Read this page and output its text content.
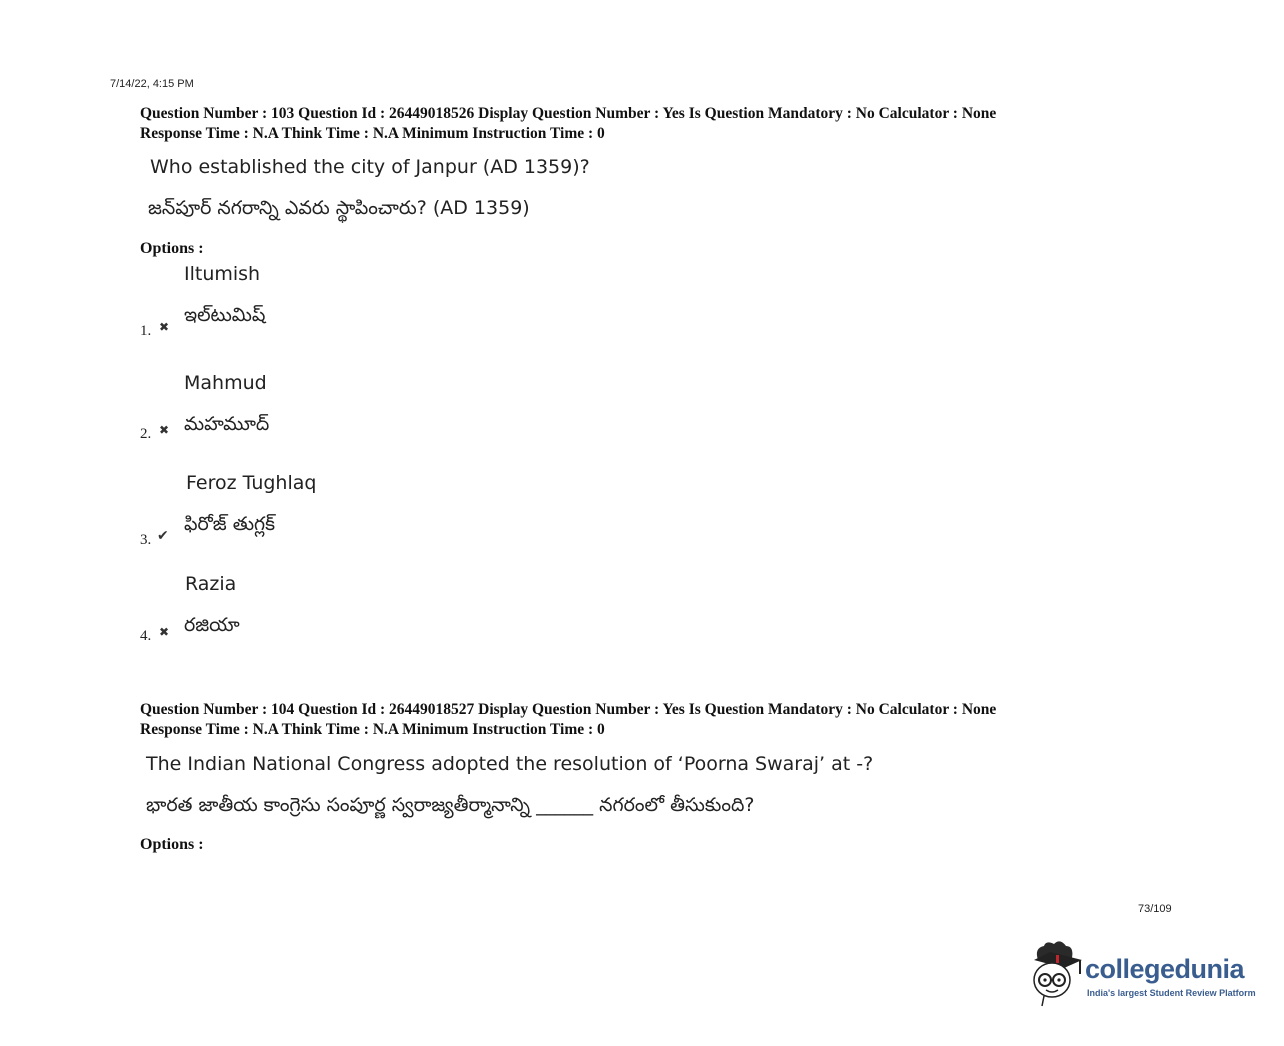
7/14/22, 4:15 PM
Question Number : 103 Question Id : 26449018526 Display Question Number : Yes Is Question Mandatory : No Calculator : None
Response Time : N.A Think Time : N.A Minimum Instruction Time : 0
Who established the city of Janpur (AD 1359)?
జన్‌పూర్ నగరాన్ని ఎవరు స్థాపించారు? (AD 1359)
Options :
Iltumish
ఇల్‌టుమిష్
1. ✖
Mahmud
మహమూద్
2. ✖
Feroz Tughlaq
ఫిరోజ్ తుగ్లక్
3. ✔
Razia
రజియా
4. ✖
Question Number : 104 Question Id : 26449018527 Display Question Number : Yes Is Question Mandatory : No Calculator : None
Response Time : N.A Think Time : N.A Minimum Instruction Time : 0
The Indian National Congress adopted the resolution of ‘Poorna Swaraj’ at -?
భారత జాతీయ కాంగ్రెసు సంపూర్ణ స్వరాజ్యతీర్మానాన్ని ______ నగరంలో తీసుకుంది?
Options :
73/109
collegedunia
India's largest Student Review Platform
